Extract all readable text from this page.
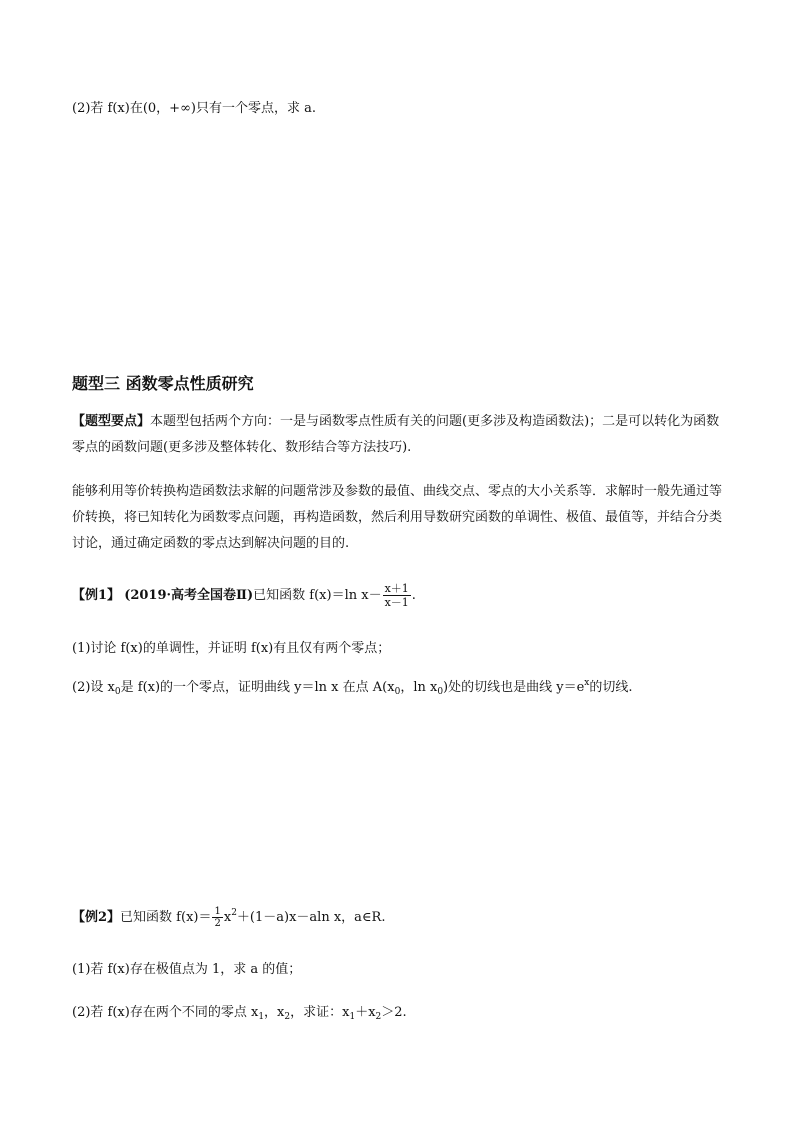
(2)若 f(x)在(0，+∞)只有一个零点，求 a.
题型三 函数零点性质研究
【题型要点】本题型包括两个方向：一是与函数零点性质有关的问题(更多涉及构造函数法)；二是可以转化为函数零点的函数问题(更多涉及整体转化、数形结合等方法技巧).
能够利用等价转换构造函数法求解的问题常涉及参数的最值、曲线交点、零点的大小关系等．求解时一般先通过等价转换，将已知转化为函数零点问题，再构造函数，然后利用导数研究函数的单调性、极值、最值等，并结合分类讨论，通过确定函数的零点达到解决问题的目的.
【例1】 (2019·高考全国卷Ⅱ)已知函数 f(x)＝ln $x- \frac{x+1}{x-1}$ .
(1)讨论 f(x)的单调性，并证明 f(x)有且仅有两个零点；
(2)设 $x_0$是 f(x)的一个零点，证明曲线 y＝ln x 在点 $A(x_0$，$\ln x_0$)处的切线也是曲线 $y=e^x$的切线.
【例2】已知函数 $f(x)= \frac{1}{2} x^2+(1-a)x-aln$ x，a∈R.
(1)若 f(x)存在极值点为 1，求 a 的值；
(2)若 f(x)存在两个不同的零点 $x_1$，$x_2$，求证：$x_1+x_2>2$.
